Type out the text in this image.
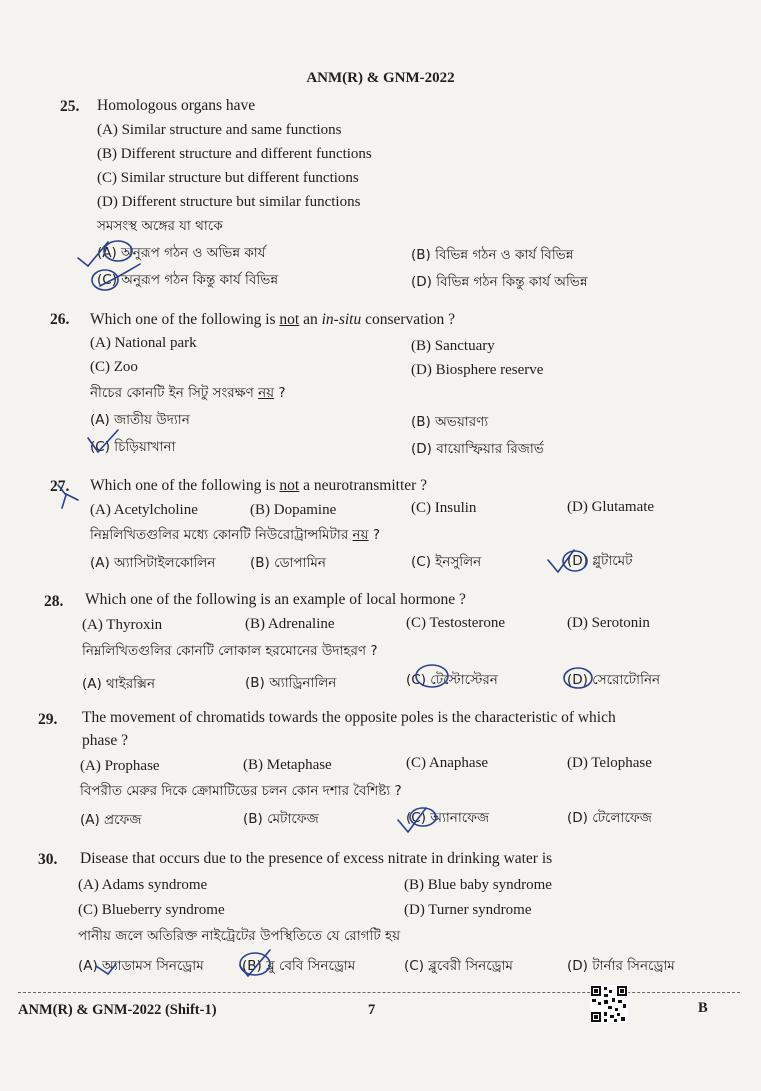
ANM(R) & GNM-2022

25. Homologous organs have
(A) Similar structure and same functions
(B) Different structure and different functions
(C) Similar structure but different functions
(D) Different structure but similar functions
সমসংস্থ অঙ্গের যা থাকে
(A) অনুরূপ গঠন ও অভিন্ন কার্য	(B) বিভিন্ন গঠন ও কার্য বিভিন্ন
(C) অনুরূপ গঠন কিন্তু কার্য বিভিন্ন	(D) বিভিন্ন গঠন কিন্তু কার্য অভিন্ন
26. Which one of the following is not an in-situ conservation ?
(A) National park	(B) Sanctuary
(C) Zoo	(D) Biosphere reserve
নীচের কোনটি ইন সিটু সংরক্ষণ নয় ?
(A) জাতীয় উদ্যান	(B) অভয়ারণ্য
(C) চিড়িয়াখানা	(D) বায়োস্ফিয়ার রিজার্ভ
27. Which one of the following is not a neurotransmitter ?
(A) Acetylcholine	(B) Dopamine	(C) Insulin	(D) Glutamate
নিম্নলিখিতগুলির মধ্যে কোনটি নিউরোট্রান্সমিটার নয় ?
(A) অ্যাসিটাইলকোলিন	(B) ডোপামিন	(C) ইনসুলিন	(D) গ্লুটামেট
28. Which one of the following is an example of local hormone ?
(A) Thyroxin	(B) Adrenaline	(C) Testosterone	(D) Serotonin
নিম্নলিখিতগুলির কোনটি লোকাল হরমোনের উদাহরণ ?
(A) থাইরক্সিন	(B) অ্যাড্রিনালিন	(C) টেস্টোস্টেরন	(D) সেরোটোনিন
29. The movement of chromatids towards the opposite poles is the characteristic of which
phase ?
(A) Prophase	(B) Metaphase	(C) Anaphase	(D) Telophase
বিপরীত মেরুর দিকে ক্রোমাটিডের চলন কোন দশার বৈশিষ্ট্য ?
(A) প্রফেজ	(B) মেটাফেজ	(C) অ্যানাফেজ	(D) টেলোফেজ
30. Disease that occurs due to the presence of excess nitrate in drinking water is
(A) Adams syndrome	(B) Blue baby syndrome
(C) Blueberry syndrome	(D) Turner syndrome
পানীয় জলে অতিরিক্ত নাইট্রেটের উপস্থিতিতে যে রোগটি হয়
(A) অ্যাডামস সিনড্রোম	(B) ব্লু বেবি সিনড্রোম	(C) ব্লুবেরী সিনড্রোম	(D) টার্নার সিনড্রোম
ANM(R) & GNM-2022 (Shift-1)	7	B
